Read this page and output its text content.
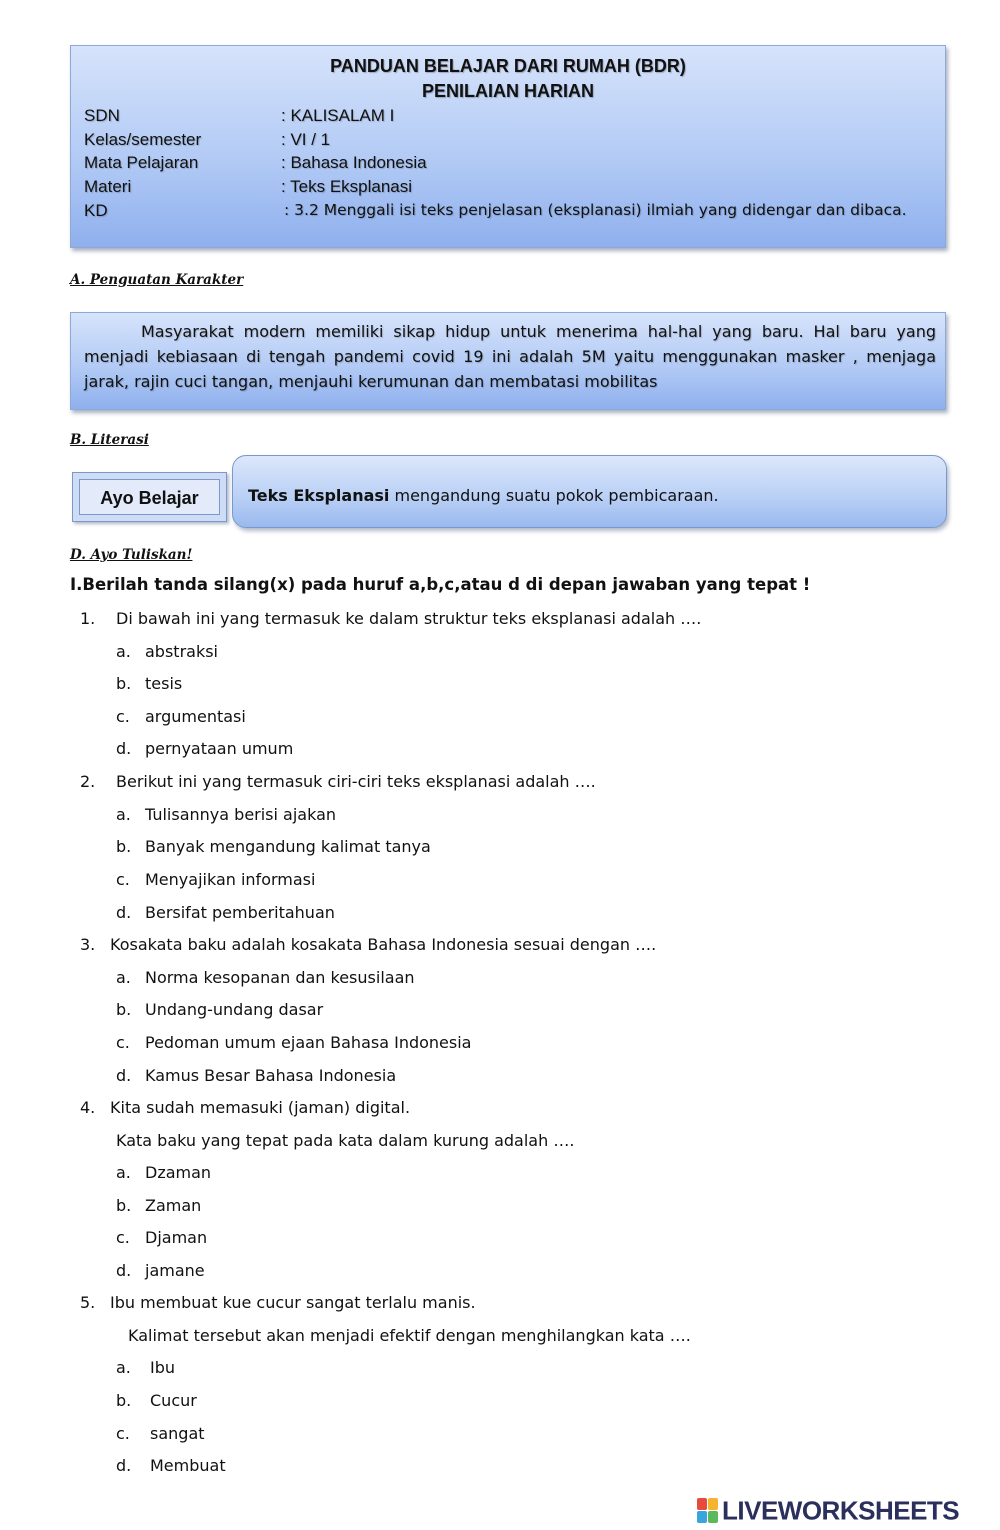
PANDUAN BELAJAR DARI RUMAH (BDR)
PENILAIAN HARIAN
SDN	: KALISALAM I
Kelas/semester	: VI / 1
Mata Pelajaran	: Bahasa Indonesia
Materi	: Teks Eksplanasi
KD	: 3.2 Menggali isi teks penjelasan (eksplanasi) ilmiah yang didengar dan dibaca.
A. Penguatan Karakter
Masyarakat modern memiliki sikap hidup untuk menerima hal-hal yang baru. Hal baru yang menjadi kebiasaan di tengah pandemi covid 19 ini adalah 5M yaitu menggunakan masker , menjaga jarak, rajin cuci tangan, menjauhi kerumunan dan membatasi mobilitas
B. Literasi
Ayo Belajar	Teks Eksplanasi mengandung suatu pokok pembicaraan.
D. Ayo Tuliskan!
I.Berilah tanda silang(x) pada huruf a,b,c,atau d di depan jawaban yang tepat !
1. Di bawah ini yang termasuk ke dalam struktur teks eksplanasi adalah ….
a. abstraksi
b. tesis
c. argumentasi
d. pernyataan umum
2. Berikut ini yang termasuk ciri-ciri teks eksplanasi adalah ….
a. Tulisannya berisi ajakan
b. Banyak mengandung kalimat tanya
c. Menyajikan informasi
d. Bersifat pemberitahuan
3. Kosakata baku adalah kosakata Bahasa Indonesia sesuai dengan ….
a. Norma kesopanan dan kesusilaan
b. Undang-undang dasar
c. Pedoman umum ejaan Bahasa Indonesia
d. Kamus Besar Bahasa Indonesia
4. Kita sudah memasuki (jaman) digital.
Kata baku yang tepat pada kata dalam kurung adalah ….
a. Dzaman
b. Zaman
c. Djaman
d. jamane
5. Ibu membuat kue cucur sangat terlalu manis.
Kalimat tersebut akan menjadi efektif dengan menghilangkan kata ….
a. Ibu
b. Cucur
c. sangat
d. Membuat
LIVEWORKSHEETS
